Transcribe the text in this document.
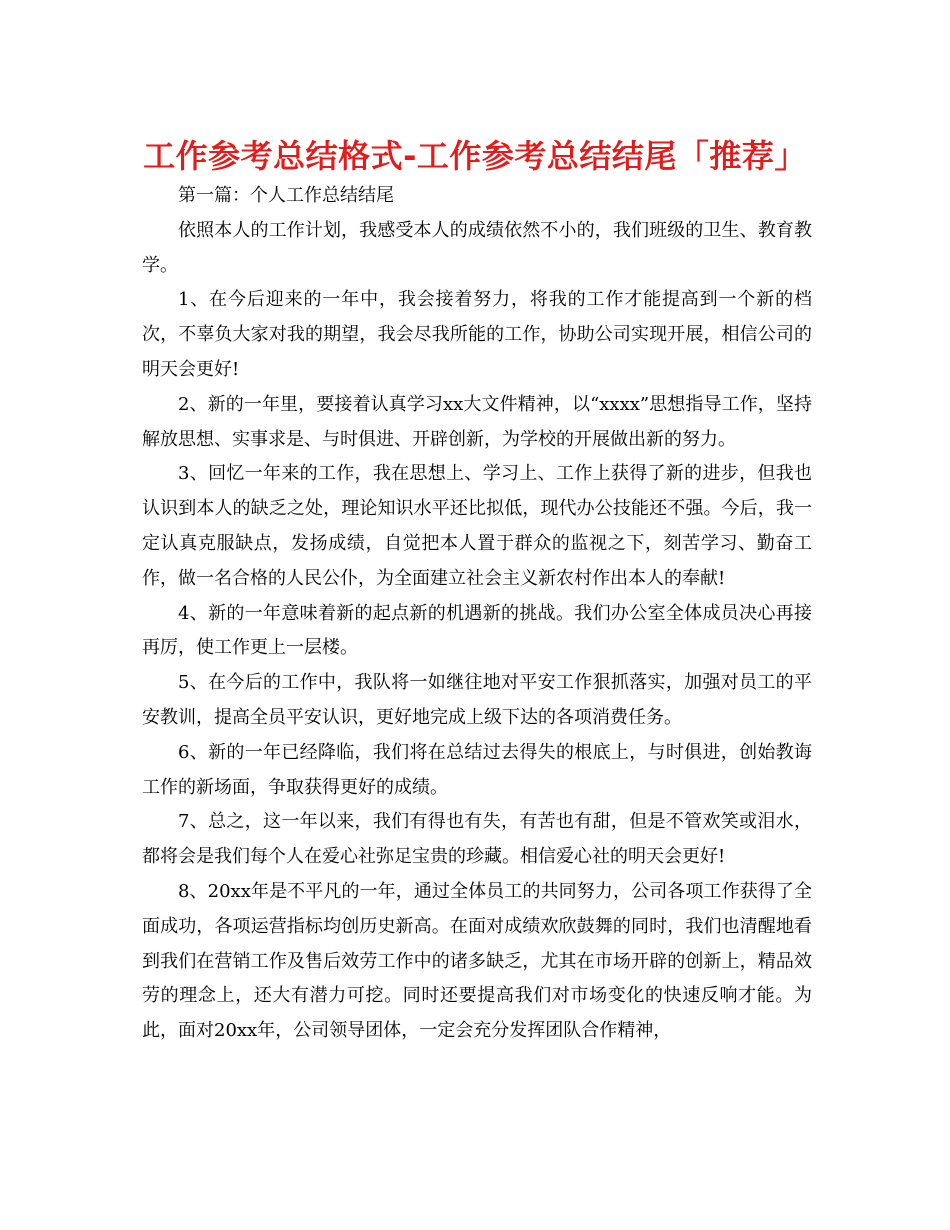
工作参考总结格式-工作参考总结结尾「推荐」

第一篇：个人工作总结结尾

依照本人的工作计划，我感受本人的成绩依然不小的，我们班级的卫生、教育教学。

1、在今后迎来的一年中，我会接着努力，将我的工作才能提高到一个新的档次，不辜负大家对我的期望，我会尽我所能的工作，协助公司实现开展，相信公司的明天会更好!

2、新的一年里，要接着认真学习xx大文件精神，以“xxxx”思想指导工作，坚持解放思想、实事求是、与时俱进、开辟创新，为学校的开展做出新的努力。

3、回忆一年来的工作，我在思想上、学习上、工作上获得了新的进步，但我也认识到本人的缺乏之处，理论知识水平还比拟低，现代办公技能还不强。今后，我一定认真克服缺点，发扬成绩，自觉把本人置于群众的监视之下，刻苦学习、勤奋工作，做一名合格的人民公仆，为全面建立社会主义新农村作出本人的奉献!

4、新的一年意味着新的起点新的机遇新的挑战。我们办公室全体成员决心再接再厉，使工作更上一层楼。

5、在今后的工作中，我队将一如继往地对平安工作狠抓落实，加强对员工的平安教训，提高全员平安认识，更好地完成上级下达的各项消费任务。

6、新的一年已经降临，我们将在总结过去得失的根底上，与时俱进，创始教诲工作的新场面，争取获得更好的成绩。

7、总之，这一年以来，我们有得也有失，有苦也有甜，但是不管欢笑或泪水，都将会是我们每个人在爱心社弥足宝贵的珍藏。相信爱心社的明天会更好!

8、20xx年是不平凡的一年，通过全体员工的共同努力，公司各项工作获得了全面成功，各项运营指标均创历史新高。在面对成绩欢欣鼓舞的同时，我们也清醒地看到我们在营销工作及售后效劳工作中的诸多缺乏，尤其在市场开辟的创新上，精品效劳的理念上，还大有潜力可挖。同时还要提高我们对市场变化的快速反响才能。为此，面对20xx年，公司领导团体，一定会充分发挥团队合作精神，
